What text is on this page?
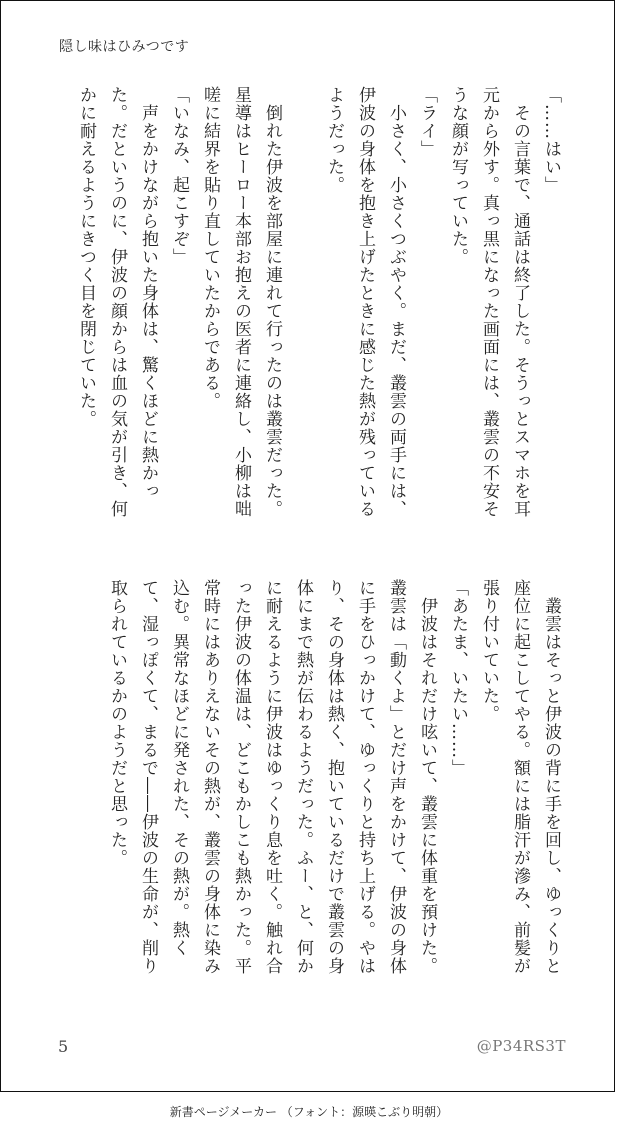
隠し味はひみつです
「……はい」
　その言葉で、通話は終了した。そうっとスマホを耳元から外す。真っ黒になった画面には、叢雲の不安そうな顔が写っていた。
「ライ」
　小さく、小さくつぶやく。まだ、叢雲の両手には、伊波の身体を抱き上げたときに感じた熱が残っているようだった。

　倒れた伊波を部屋に連れて行ったのは叢雲だった。星導はヒーロー本部お抱えの医者に連絡し、小柳は咄嗟に結界を貼り直していたからである。
「いなみ、起こすぞ」
　声をかけながら抱いた身体は、驚くほどに熱かった。だというのに、伊波の顔からは血の気が引き、何かに耐えるようにきつく目を閉じていた。
　叢雲はそっと伊波の背に手を回し、ゆっくりと座位に起こしてやる。額には脂汗が滲み、前髪が張り付いていた。
「あたま、いたい……」
　伊波はそれだけ呟いて、叢雲に体重を預けた。叢雲は「動くよ」とだけ声をかけて、伊波の身体に手をひっかけて、ゆっくりと持ち上げる。やはり、その身体は熱く、抱いているだけで叢雲の身体にまで熱が伝わるようだった。ふー、と、何かに耐えるように伊波はゆっくり息を吐く。触れ合った伊波の体温は、どこもかしこも熱かった。平常時にはありえないその熱が、叢雲の身体に染み込む。異常なほどに発された、その熱が。熱くて、湿っぽくて、まるで――伊波の生命が、削り取られているかのようだと思った。
5	@P34RS3T
新書ページメーカー （フォント：源暎こぶり明朝）
